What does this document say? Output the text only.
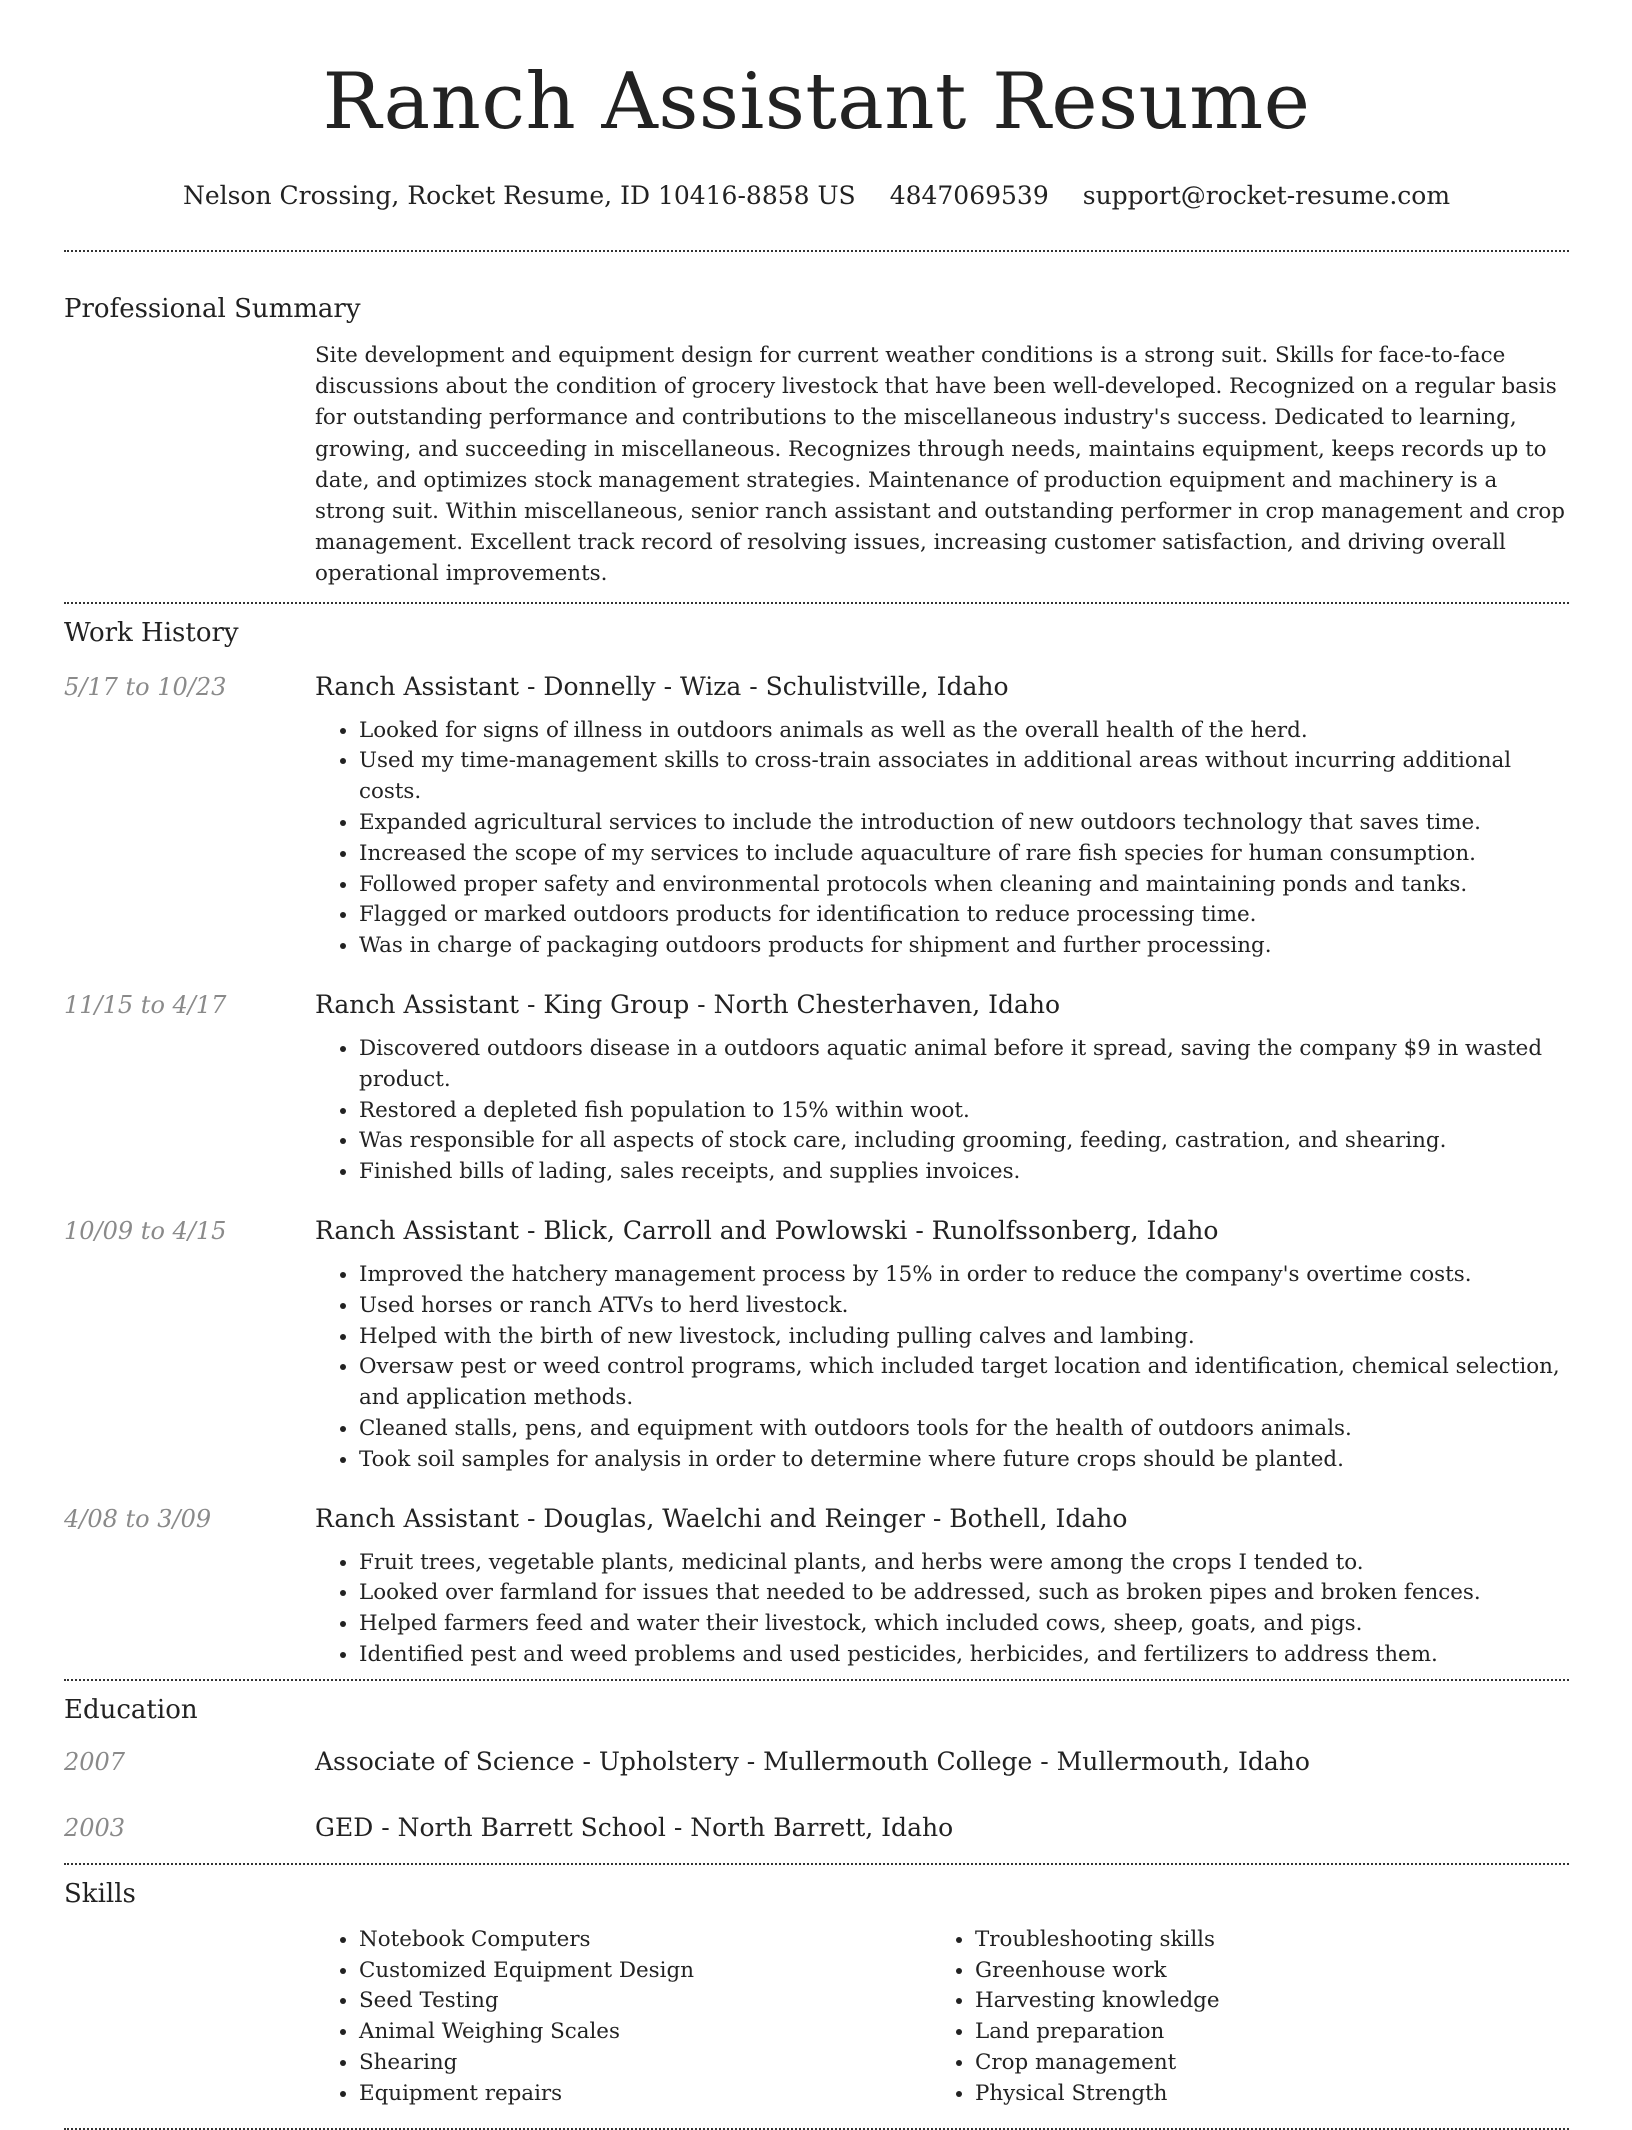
Ranch Assistant Resume
Nelson Crossing, Rocket Resume, ID 10416-8858 US 4847069539 support@rocket-resume.com
Professional Summary
Site development and equipment design for current weather conditions is a strong suit. Skills for face-to-face discussions about the condition of grocery livestock that have been well-developed. Recognized on a regular basis for outstanding performance and contributions to the miscellaneous industry's success. Dedicated to learning, growing, and succeeding in miscellaneous. Recognizes through needs, maintains equipment, keeps records up to date, and optimizes stock management strategies. Maintenance of production equipment and machinery is a strong suit. Within miscellaneous, senior ranch assistant and outstanding performer in crop management and crop management. Excellent track record of resolving issues, increasing customer satisfaction, and driving overall operational improvements.
Work History
5/17 to 10/23	Ranch Assistant - Donnelly - Wiza - Schulistville, Idaho
• Looked for signs of illness in outdoors animals as well as the overall health of the herd.
• Used my time-management skills to cross-train associates in additional areas without incurring additional costs.
• Expanded agricultural services to include the introduction of new outdoors technology that saves time.
• Increased the scope of my services to include aquaculture of rare fish species for human consumption.
• Followed proper safety and environmental protocols when cleaning and maintaining ponds and tanks.
• Flagged or marked outdoors products for identification to reduce processing time.
• Was in charge of packaging outdoors products for shipment and further processing.
11/15 to 4/17	Ranch Assistant - King Group - North Chesterhaven, Idaho
• Discovered outdoors disease in a outdoors aquatic animal before it spread, saving the company $9 in wasted product.
• Restored a depleted fish population to 15% within woot.
• Was responsible for all aspects of stock care, including grooming, feeding, castration, and shearing.
• Finished bills of lading, sales receipts, and supplies invoices.
10/09 to 4/15	Ranch Assistant - Blick, Carroll and Powlowski - Runolfssonberg, Idaho
• Improved the hatchery management process by 15% in order to reduce the company's overtime costs.
• Used horses or ranch ATVs to herd livestock.
• Helped with the birth of new livestock, including pulling calves and lambing.
• Oversaw pest or weed control programs, which included target location and identification, chemical selection, and application methods.
• Cleaned stalls, pens, and equipment with outdoors tools for the health of outdoors animals.
• Took soil samples for analysis in order to determine where future crops should be planted.
4/08 to 3/09	Ranch Assistant - Douglas, Waelchi and Reinger - Bothell, Idaho
• Fruit trees, vegetable plants, medicinal plants, and herbs were among the crops I tended to.
• Looked over farmland for issues that needed to be addressed, such as broken pipes and broken fences.
• Helped farmers feed and water their livestock, which included cows, sheep, goats, and pigs.
• Identified pest and weed problems and used pesticides, herbicides, and fertilizers to address them.
Education
2007	Associate of Science - Upholstery - Mullermouth College - Mullermouth, Idaho
2003	GED - North Barrett School - North Barrett, Idaho
Skills
• Notebook Computers
• Customized Equipment Design
• Seed Testing
• Animal Weighing Scales
• Shearing
• Equipment repairs
• Troubleshooting skills
• Greenhouse work
• Harvesting knowledge
• Land preparation
• Crop management
• Physical Strength
